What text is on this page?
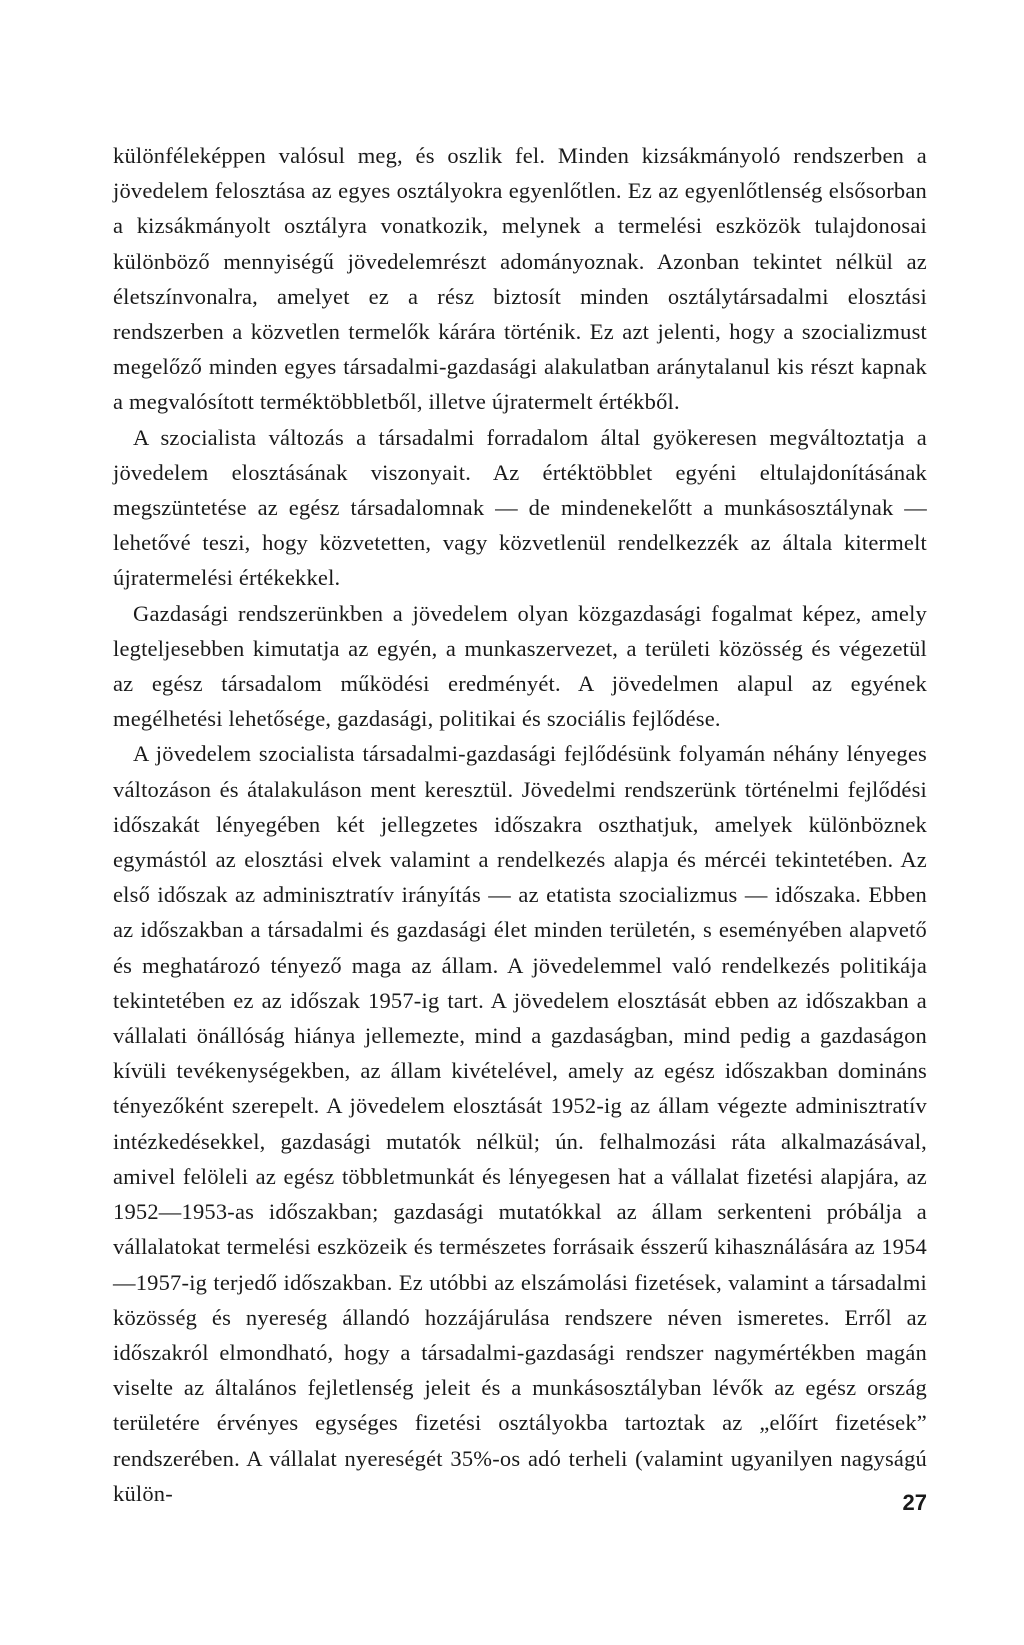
különféleképpen valósul meg, és oszlik fel. Minden kizsákmányoló rendszerben a jövedelem felosztása az egyes osztályokra egyenlőtlen. Ez az egyenlőtlenség elsősorban a kizsákmányolt osztályra vonatkozik, melynek a termelési eszközök tulajdonosai különböző mennyiségű jövedelemrészt adományoznak. Azonban tekintet nélkül az életszínvonalra, amelyet ez a rész biztosít minden osztálytársadalmi elosztási rendszerben a közvetlen termelők kárára történik. Ez azt jelenti, hogy a szocializmust megelőző minden egyes társadalmi-gazdasági alakulatban aránytalanul kis részt kapnak a megvalósított terméktöbbletből, illetve újratermelt értékből.

A szocialista változás a társadalmi forradalom által gyökeresen megváltoztatja a jövedelem elosztásának viszonyait. Az értéktöbblet egyéni eltulajdonításának megszüntetése az egész társadalomnak — de mindenekelőtt a munkásosztálynak — lehetővé teszi, hogy közvetetten, vagy közvetlenül rendelkezzék az általa kitermelt újratermelési értékekkel.

Gazdasági rendszerünkben a jövedelem olyan közgazdasági fogalmat képez, amely legteljesebben kimutatja az egyén, a munkaszervezet, a területi közösség és végezetül az egész társadalom működési eredményét. A jövedelmen alapul az egyének megélhetési lehetősége, gazdasági, politikai és szociális fejlődése.

A jövedelem szocialista társadalmi-gazdasági fejlődésünk folyamán néhány lényeges változáson és átalakuláson ment keresztül. Jövedelmi rendszerünk történelmi fejlődési időszakát lényegében két jellegzetes időszakra oszthatjuk, amelyek különböznek egymástól az elosztási elvek valamint a rendelkezés alapja és mércéi tekintetében. Az első időszak az adminisztratív irányítás — az etatista szocializmus — időszaka. Ebben az időszakban a társadalmi és gazdasági élet minden területén, s eseményében alapvető és meghatározó tényező maga az állam. A jövedelemmel való rendelkezés politikája tekintetében ez az időszak 1957-ig tart. A jövedelem elosztását ebben az időszakban a vállalati önállóság hiánya jellemezte, mind a gazdaságban, mind pedig a gazdaságon kívüli tevékenységekben, az állam kivételével, amely az egész időszakban domináns tényezőként szerepelt. A jövedelem elosztását 1952-ig az állam végezte adminisztratív intézkedésekkel, gazdasági mutatók nélkül; ún. felhalmozási ráta alkalmazásával, amivel felöleli az egész többletmunkát és lényegesen hat a vállalat fizetési alapjára, az 1952—1953-as időszakban; gazdasági mutatókkal az állam serkenteni próbálja a vállalatokat termelési eszközeik és természetes forrásaik ésszerű kihasználására az 1954—1957-ig terjedő időszakban. Ez utóbbi az elszámolási fizetések, valamint a társadalmi közösség és nyereség állandó hozzájárulása rendszere néven ismeretes. Erről az időszakról elmondható, hogy a társadalmi-gazdasági rendszer nagymértékben magán viselte az általános fejletlenség jeleit és a munkásosztályban lévők az egész ország területére érvényes egységes fizetési osztályokba tartoztak az „előírt fizetések” rendszerében. A vállalat nyereségét 35%-os adó terheli (valamint ugyanilyen nagyságú külön-	27
